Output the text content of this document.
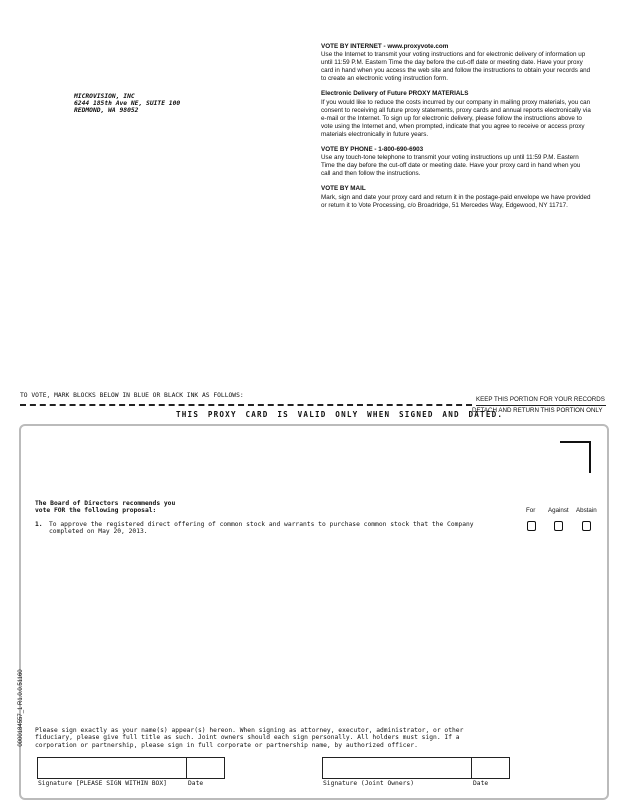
MICROVISION, INC
6244 185th Ave NE, SUITE 100
REDMOND, WA 98052
VOTE BY INTERNET - www.proxyvote.com
Use the Internet to transmit your voting instructions and for electronic delivery of information up until 11:59 P.M. Eastern Time the day before the cut-off date or meeting date. Have your proxy card in hand when you access the web site and follow the instructions to obtain your records and to create an electronic voting instruction form.
Electronic Delivery of Future PROXY MATERIALS
If you would like to reduce the costs incurred by our company in mailing proxy materials, you can consent to receiving all future proxy statements, proxy cards and annual reports electronically via e-mail or the Internet. To sign up for electronic delivery, please follow the instructions above to vote using the Internet and, when prompted, indicate that you agree to receive or access proxy materials electronically in future years.
VOTE BY PHONE - 1-800-690-6903
Use any touch-tone telephone to transmit your voting instructions up until 11:59 P.M. Eastern Time the day before the cut-off date or meeting date. Have your proxy card in hand when you call and then follow the instructions.
VOTE BY MAIL
Mark, sign and date your proxy card and return it in the postage-paid envelope we have provided or return it to Vote Processing, c/o Broadridge, 51 Mercedes Way, Edgewood, NY 11717.
TO VOTE, MARK BLOCKS BELOW IN BLUE OR BLACK INK AS FOLLOWS:
KEEP THIS PORTION FOR YOUR RECORDS
DETACH AND RETURN THIS PORTION ONLY
THIS PROXY CARD IS VALID ONLY WHEN SIGNED AND DATED.
The Board of Directors recommends you
vote FOR the following proposal:	For Against Abstain
1. To approve the registered direct offering of common stock and warrants to purchase common stock that the Company completed on May 20, 2013.
0000184557_1 R1.0.0.51160 Please sign exactly as your name(s) appear(s) hereon. When signing as attorney, executor, administrator, or other fiduciary, please give full title as such. Joint owners should each sign personally. All holders must sign. If a corporation or partnership, please sign in full corporate or partnership name, by authorized officer.
Signature [PLEASE SIGN WITHIN BOX]	Date	Signature (Joint Owners)	Date
